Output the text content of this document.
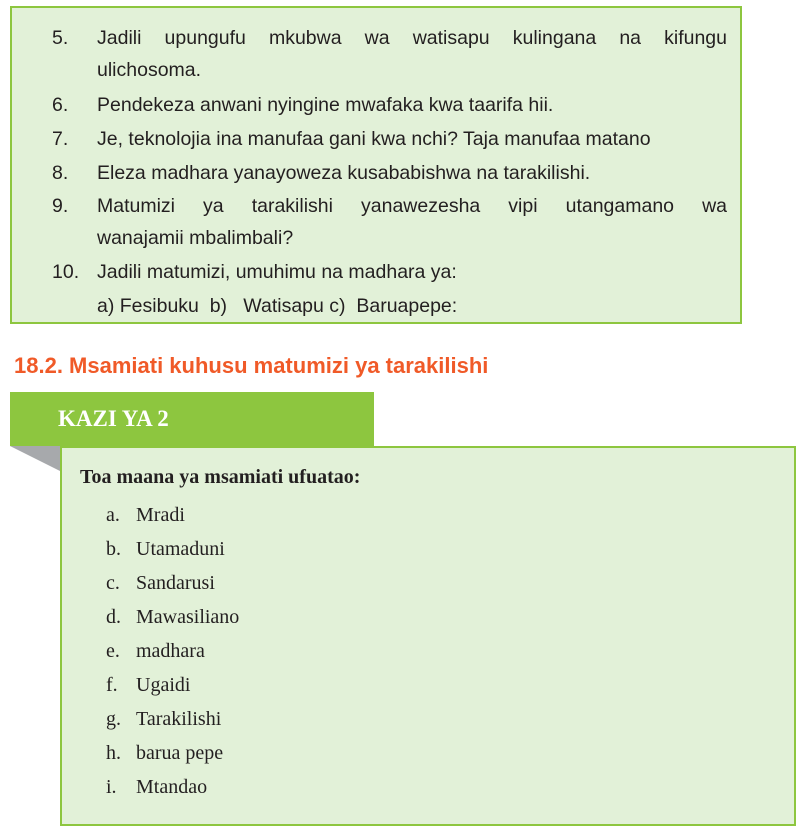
5.	Jadili upungufu mkubwa wa watisapu kulingana na kifungu
ulichosoma.
6.	Pendekeza anwani nyingine mwafaka kwa taarifa hii.
7.	Je, teknolojia ina manufaa gani kwa nchi? Taja manufaa matano
8.	Eleza madhara yanayoweza kusababishwa na tarakilishi.
9.	Matumizi ya tarakilishi yanawezesha vipi utangamano wa
wanajamii mbalimbali?
10. Jadili matumizi, umuhimu na madhara ya:
a) Fesibuku  b)   Watisapu c)  Baruapepe:
18.2. Msamiati kuhusu matumizi ya tarakilishi
KAZI YA 2
Toa maana ya msamiati ufuatao:
a. Mradi
b. Utamaduni
c. Sandarusi
d. Mawasiliano
e. madhara
f. Ugaidi
g. Tarakilishi
h. barua pepe
i. Mtandao
